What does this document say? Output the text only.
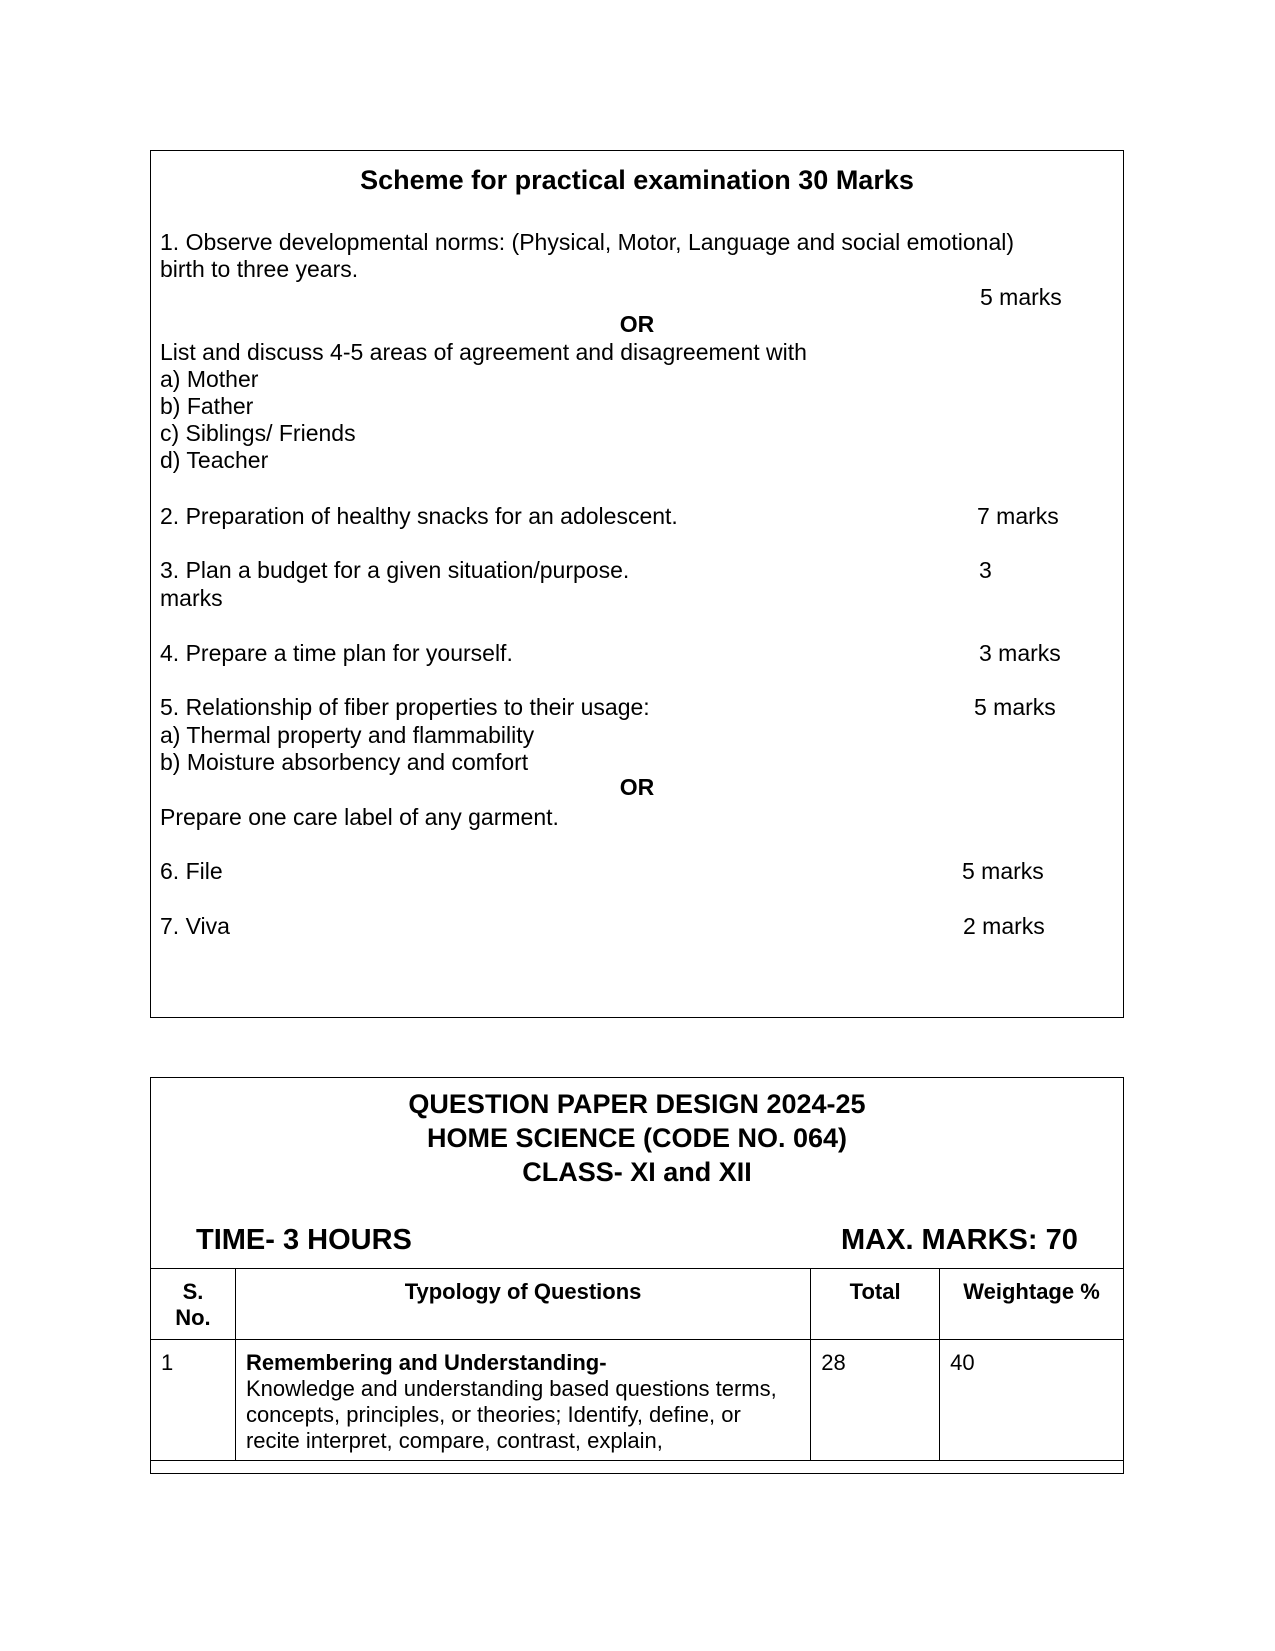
Scheme for practical examination 30 Marks
1. Observe developmental norms: (Physical, Motor, Language and social emotional)
birth to three years.
5 marks
OR
List and discuss 4-5 areas of agreement and disagreement with
a) Mother
b) Father
c) Siblings/ Friends
d) Teacher
2. Preparation of healthy snacks for an adolescent.	7 marks
3. Plan a budget for a given situation/purpose.	3
marks
4. Prepare a time plan for yourself.	3 marks
5. Relationship of fiber properties to their usage:	5 marks
a) Thermal property and flammability
b) Moisture absorbency and comfort
OR
Prepare one care label of any garment.
6. File	5 marks
7. Viva	2 marks
QUESTION PAPER DESIGN 2024-25
HOME SCIENCE (CODE NO. 064)
CLASS- XI and XII
TIME- 3 HOURS	MAX. MARKS: 70
S.
No.	Typology of Questions	Total	Weightage %
1	Remembering and Understanding-
Knowledge and understanding based questions terms,
concepts, principles, or theories; Identify, define, or
recite interpret, compare, contrast, explain,	28	40
